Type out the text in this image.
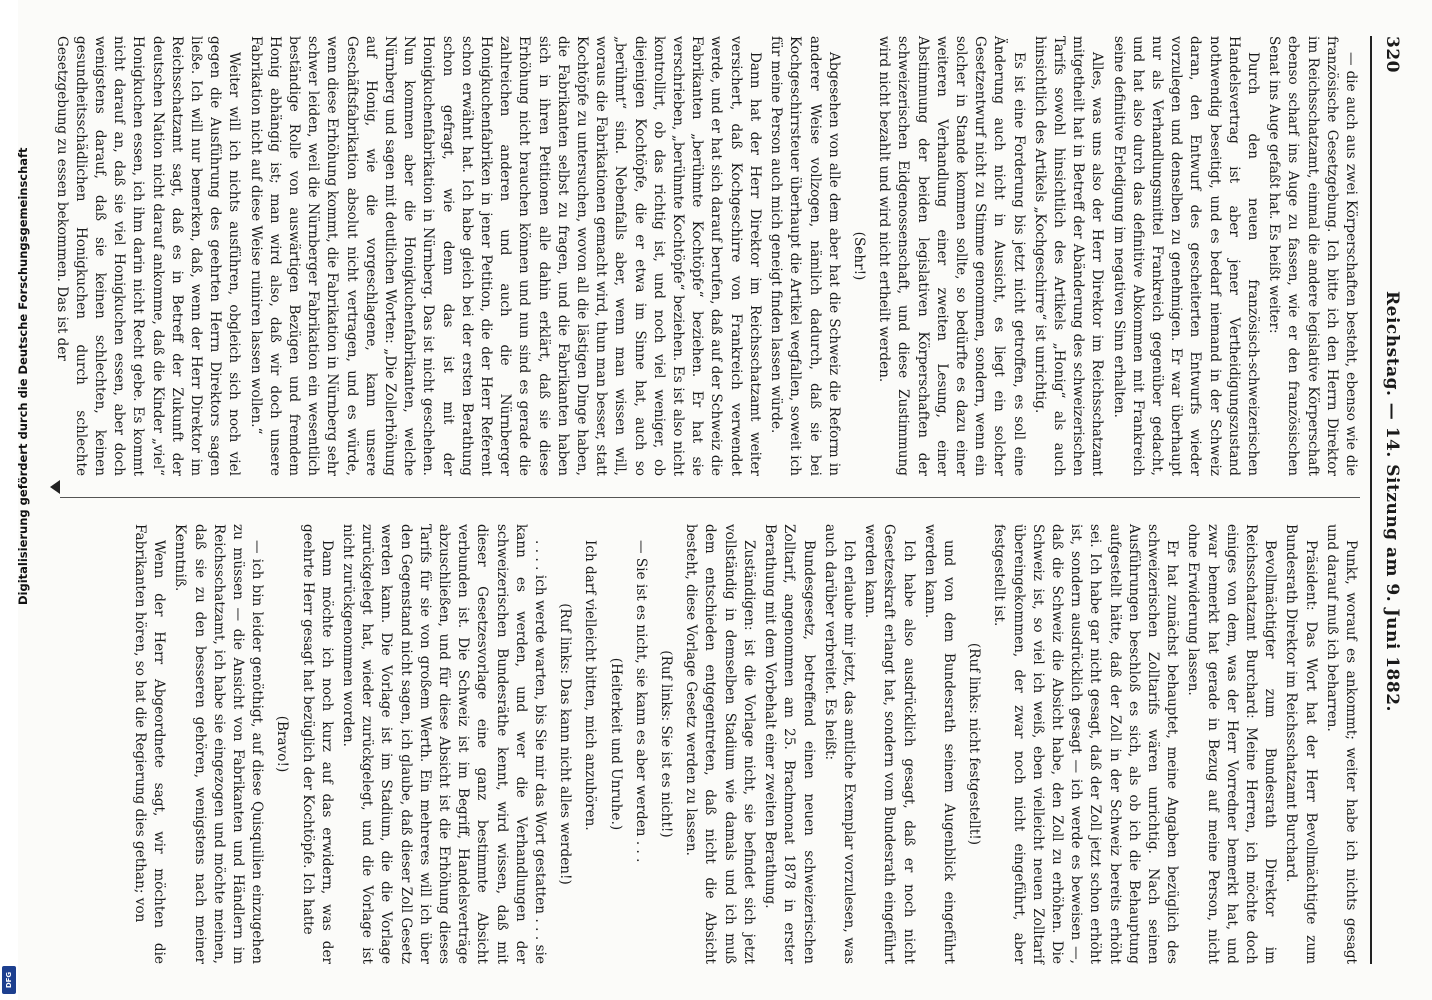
Digitalisierung gefördert durch die Deutsche Forschungsgemeinschaft
DFG
320
Reichstag. — 14. Sitzung am 9. Juni 1882.

— die auch aus zwei Körperschaften besteht, ebenso wie die französische Gesetzgebung. Ich bitte ich den Herrn Direktor im Reichsschatzamt, einmal die andere legislative Körperschaft ebenso scharf ins Auge zu fassen, wie er den französischen Senat ins Auge gefaßt hat. Es heißt weiter:

Durch den neuen französisch-schweizerischen Handelsvertrag ist aber jener Vertheidigungszustand nothwendig beseitigt, und es bedarf niemand in der Schweiz daran, den Entwurf des gescheiterten Entwurfs wieder vorzulegen und denselben zu genehmigen. Er war überhaupt nur als Verhandlungsmittel Frankreich gegenüber gedacht, und hat also durch das definitive Abkommen mit Frankreich seine definitive Erledigung im negativen Sinn erhalten.

Alles, was uns also der Herr Direktor im Reichsschatzamt mitgetheilt hat in Betreff der Abänderung des schweizerischen Tarifs sowohl hinsichtlich des Artikels „Honig“ als auch hinsichtlich des Artikels „Kochgeschirre“ ist unrichtig.

Es ist eine Forderung bis jetzt nicht getroffen, es soll eine Änderung auch nicht in Aussicht, es liegt ein solcher Gesetzentwurf nicht zu Stimme genommen, sondern, wenn ein solcher in Stande kommen sollte, so bedürfte es dazu einer weiteren Verhandlung einer zweiten Lesung, einer Abstimmung der beiden legislativen Körperschaften der schweizerischen Eidgenossenschaft, und diese Zustimmung wird nicht bezahlt und wird nicht ertheilt werden.

(Sehr!)

Abgesehen von alle dem aber hat die Schweiz die Reform in anderer Weise vollzogen, nämlich dadurch, daß sie bei Kochgeschirrsteuer überhaupt die Artikel wegfallen, soweit ich für meine Person auch mich geneigt finden lassen würde.

Dann hat der Herr Direktor im Reichsschatzamt weiter versichert, daß Kochgeschirre von Frankreich verwendet werde, und er hat sich darauf berufen, daß auf der Schweiz die Fabrikanten „berühmte Kochtöpfe“ beziehen. Er hat sie verschrieben, „berühmte Kochtöpfe“ beziehen. Es ist also nicht kontrollirt, ob das richtig ist, und noch viel weniger, ob diejenigen Kochtöpfe, die er etwa im Sinne hat, auch so „berühmt“ sind. Nebenfalls aber, wenn man wissen will, woraus die Fabrikationen gemacht wird, thun man besser, statt Kochtöpfe zu untersuchen, wovon all die lästigen Dinge haben, die Fabrikanten selbst zu fragen, und die Fabrikanten haben sich in ihren Petitionen alle dahin erklärt, daß sie diese Erhöhung nicht brauchen können und nun sind es gerade die zahlreichen anderen und auch die Nürnberger Honigkuchenfabriken in jener Petition, die der Herr Referent schon erwähnt hat. Ich habe gleich bei der ersten Berathung schon gefragt, wie denn das ist mit der Honigkuchenfabrikation in Nürnberg. Das ist nicht geschehen. Nun kommen aber die Honigkuchenfabrikanten, welche Nürnberg und sagen mit deutlichen Worten: „Die Zollerhöhung auf Honig, wie die vorgeschlagene, kann unsere Geschäftsfabrikation absolut nicht vertragen, und es würde, wenn diese Erhöhung kommt, die Fabrikation in Nürnberg sehr schwer leiden, weil die Nürnberger Fabrikation ein wesentlich beständige Rolle von auswärtigen Bezügen und fremdem Honig abhängig ist; man wird also, daß wir doch unsere Fabrikation nicht auf diese Weise ruiniren lassen wollen.“

Weiter will ich nichts ausführen, obgleich sich noch viel gegen die Ausführung des geehrten Herrn Direktors sagen ließe. Ich will nur bemerken, daß, wenn der Herr Direktor im Reichsschatzamt sagt, daß es in Betreff der Zukunft der deutschen Nation nicht darauf ankomme, daß die Kinder „viel“ Honigkuchen essen, ich ihm darin nicht Recht gebe. Es kommt nicht darauf an, daß sie viel Honigkuchen essen, aber doch wenigstens darauf, daß sie keinen schlechten, keinen gesundheitsschädlichen Honigkuchen durch schlechte Gesetzgebung zu essen bekommen. Das ist der

Punkt, worauf es ankommt; weiter habe ich nichts gesagt und darauf muß ich beharren.

Präsident: Das Wort hat der Herr Bevollmächtigte zum Bundesrath Direktor im Reichsschatzamt Burchard.

Bevollmächtigter zum Bundesrath Direktor im Reichsschatzamt Burchard: Meine Herren, ich möchte doch einiges von dem, was der Herr Vorredner bemerkt hat, und zwar bemerkt hat gerade in Bezug auf meine Person, nicht ohne Erwiderung lassen.

Er hat zunächst behauptet, meine Angaben bezüglich des schweizerischen Zolltarifs wären unrichtig. Nach seinen Ausführungen beschloß es sich, als ob ich die Behauptung aufgestellt hätte, daß der Zoll in der Schweiz bereits erhöht sei. Ich habe gar nicht gesagt, daß der Zoll jetzt schon erhöht ist, sondern ausdrücklich gesagt — ich werde es beweisen —, daß die Schweiz die Absicht habe, den Zoll zu erhöhen. Die Schweiz ist, so viel ich weiß, eben vielleicht neuen Zolltarif übereingekommen, der zwar noch nicht eingeführt, aber festgestellt ist.

(Ruf links: nicht festgestellt!)

und von dem Bundesrath seinem Augenblick eingeführt werden kann.

Ich habe also ausdrücklich gesagt, daß er noch nicht Gesetzeskraft erlangt hat, sondern vom Bundesrath eingeführt werden kann.

Ich erlaube mir jetzt, das amtliche Exemplar vorzulesen, was auch darüber verbreitet. Es heißt:

Bundesgesetz, betreffend einen neuen schweizerischen Zolltarif, angenommen am 25. Brachmonat 1878 in erster Berathung mit dem Vorbehalt einer zweiten Berathung.

Zuständigen: ist die Vorlage nicht, sie befindet sich jetzt vollständig in demselben Stadium wie damals und ich muß dem entschieden entgegentreten, daß nicht die Absicht besteht, diese Vorlage Gesetz werden zu lassen.

(Ruf links: Sie ist es nicht!)

— Sie ist es nicht, sie kann es aber werden . . .

(Heiterkeit und Unruhe.)

Ich darf vielleicht bitten, mich anzuhören.

(Ruf links: Das kann nicht alles werden!)

. . . . ich werde warten, bis Sie mir das Wort gestatten . . . sie kann es werden, und wer die Verhandlungen der schweizerischen Bundesräthe kennt, wird wissen, daß mit dieser Gesetzesvorlage eine ganz bestimmte Absicht verbunden ist. Die Schweiz ist im Begriff, Handelsverträge abzuschließen, und für diese Absicht ist die Erhöhung dieses Tarifs für sie von großem Werth. Ein mehreres will ich über den Gegenstand nicht sagen, ich glaube, daß dieser Zoll Gesetz werden kann. Die Vorlage ist im Stadium, die die Vorlage zurückgelegt hat, wieder zurückgelegt, und die Vorlage ist nicht zurückgenommen worden.

Dann möchte ich noch kurz auf das erwidern, was der geehrte Herr gesagt hat bezüglich der Kochtöpfe. Ich hatte

(Bravo!)

— ich bin leider genöthigt, auf diese Quisquilien einzugehen zu müssen — die Ansicht von Fabrikanten und Händlern im Reichsschatzamt, ich habe sie eingezogen und möchte meinen, daß sie zu den besseren gehören, wenigstens nach meiner Kenntniß.

Wenn der Herr Abgeordnete sagt, wir möchten die Fabrikanten hören, so hat die Regierung dies gethan; von
